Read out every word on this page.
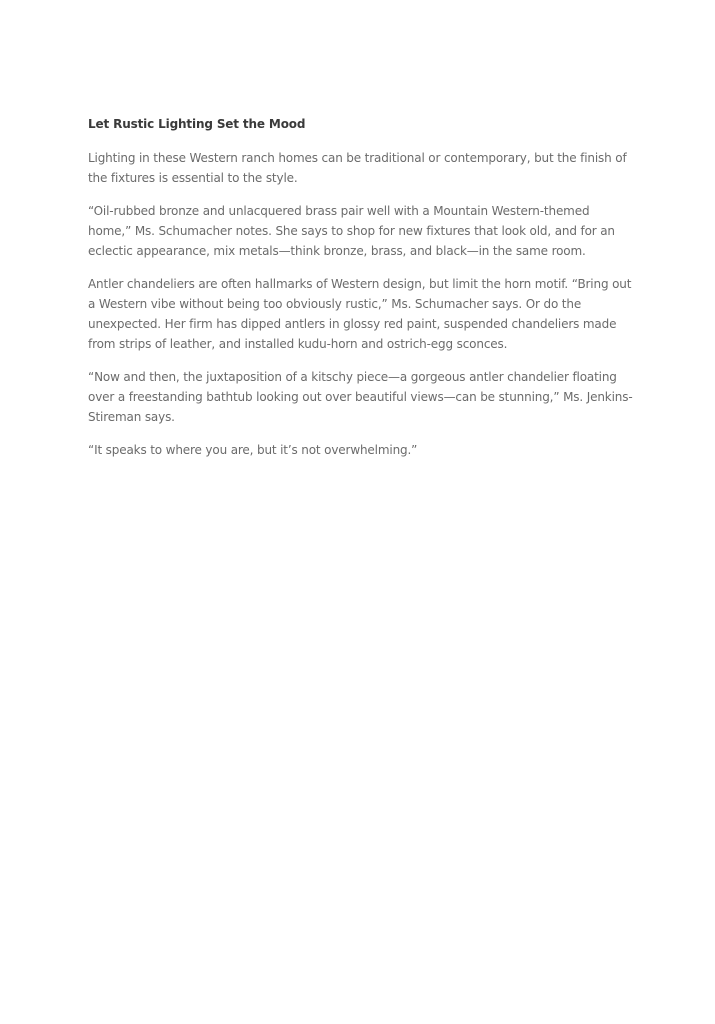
Let Rustic Lighting Set the Mood

Lighting in these Western ranch homes can be traditional or contemporary, but the finish of the fixtures is essential to the style.

“Oil-rubbed bronze and unlacquered brass pair well with a Mountain Western-themed home,” Ms. Schumacher notes. She says to shop for new fixtures that look old, and for an eclectic appearance, mix metals—think bronze, brass, and black—in the same room.

Antler chandeliers are often hallmarks of Western design, but limit the horn motif. “Bring out a Western vibe without being too obviously rustic,” Ms. Schumacher says. Or do the unexpected. Her firm has dipped antlers in glossy red paint, suspended chandeliers made from strips of leather, and installed kudu-horn and ostrich-egg sconces.

“Now and then, the juxtaposition of a kitschy piece—a gorgeous antler chandelier floating over a freestanding bathtub looking out over beautiful views—can be stunning,” Ms. Jenkins-Stireman says.

“It speaks to where you are, but it’s not overwhelming.”
